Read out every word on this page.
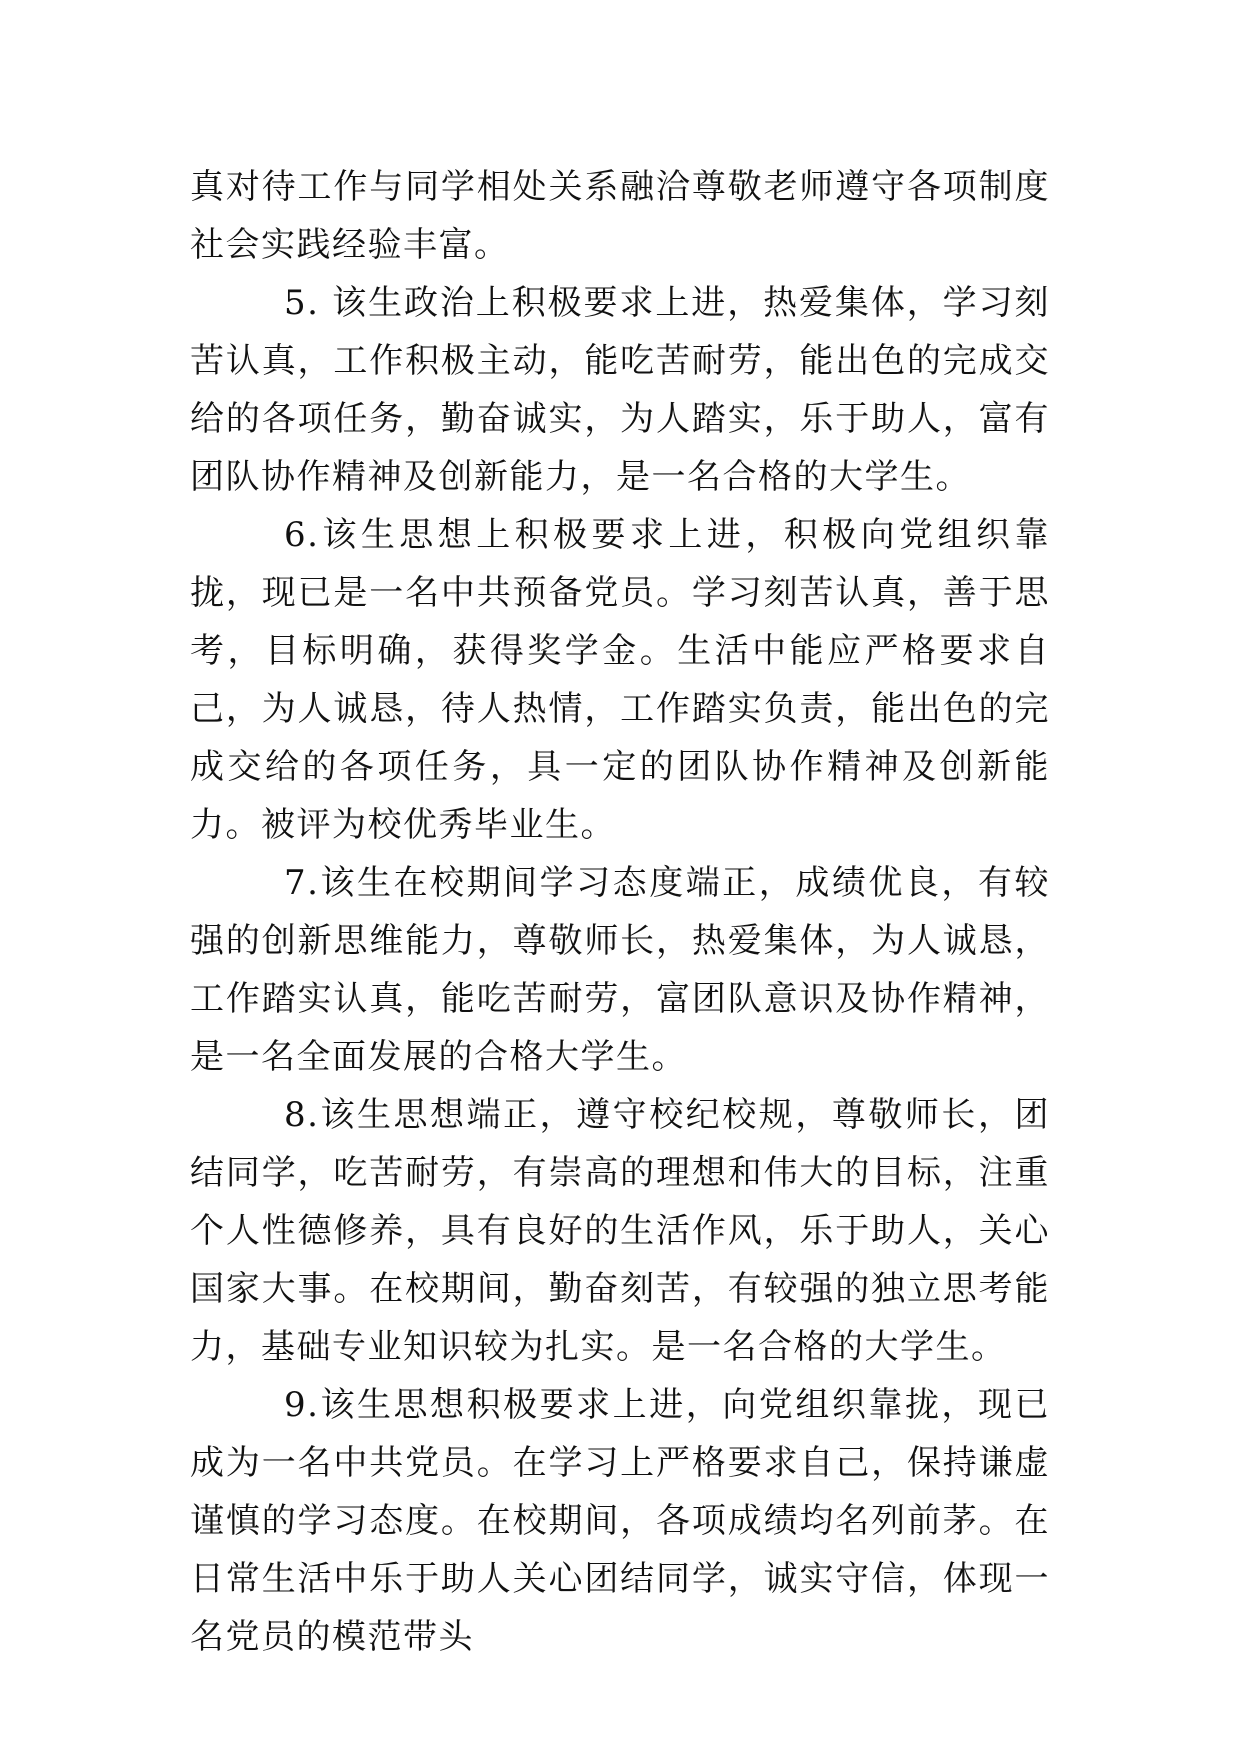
真对待工作与同学相处关系融洽尊敬老师遵守各项制度社会实践经验丰富。

5. 该生政治上积极要求上进，热爱集体，学习刻苦认真，工作积极主动，能吃苦耐劳，能出色的完成交给的各项任务，勤奋诚实，为人踏实，乐于助人，富有团队协作精神及创新能力，是一名合格的大学生。

6.该生思想上积极要求上进，积极向党组织靠拢，现已是一名中共预备党员。学习刻苦认真，善于思考，目标明确，获得奖学金。生活中能应严格要求自己，为人诚恳，待人热情，工作踏实负责，能出色的完成交给的各项任务，具一定的团队协作精神及创新能力。被评为校优秀毕业生。

7.该生在校期间学习态度端正，成绩优良，有较强的创新思维能力，尊敬师长，热爱集体，为人诚恳，工作踏实认真，能吃苦耐劳，富团队意识及协作精神，是一名全面发展的合格大学生。

8.该生思想端正，遵守校纪校规，尊敬师长，团结同学，吃苦耐劳，有崇高的理想和伟大的目标，注重个人性德修养，具有良好的生活作风，乐于助人，关心国家大事。在校期间，勤奋刻苦，有较强的独立思考能力，基础专业知识较为扎实。是一名合格的大学生。

9.该生思想积极要求上进，向党组织靠拢，现已成为一名中共党员。在学习上严格要求自己，保持谦虚谨慎的学习态度。在校期间，各项成绩均名列前茅。在日常生活中乐于助人关心团结同学，诚实守信，体现一名党员的模范带头
